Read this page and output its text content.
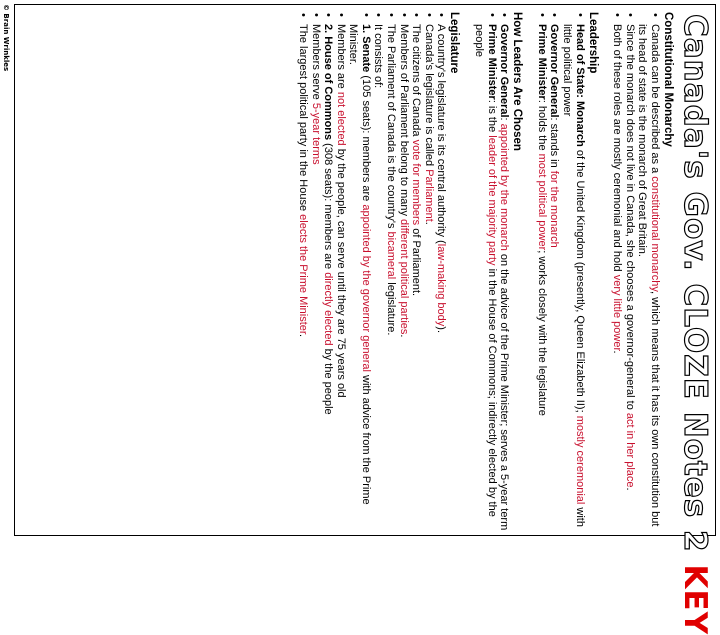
© Brain Wrinkles	Canada's Gov. CLOZE Notes 2 KEY
Constitutional Monarchy
•
Canada can be described as a constitutional monarchy, which means that it has its own constitution but its head of state is the monarch of Great Britain.
•
Since the monarch does not live in Canada, she chooses a governor-general to act in her place.
•
Both of these roles are mostly ceremonial and hold very little power.
Leadership
•
Head of State: Monarch of the United Kingdom (presently, Queen Elizabeth II); mostly ceremonial with little political power
•
Governor General: stands in for the monarch
•
Prime Minister: holds the most political power; works closely with the legislature
How Leaders Are Chosen
•
Governor General: appointed by the monarch on the advice of the Prime Minister; serves a 5-year term
•
Prime Minister: is the leader of the majority party in the House of Commons; indirectly elected by the people
Legislature
•
A country's legislature is its central authority (law-making body).
•
Canada's legislature is called Parliament.
•
The citizens of Canada vote for members of Parliament.
•
Members of Parliament belong to many different political parties.
•
The Parliament of Canada is the country's bicameral legislature.
•
It consists of:
•
1. Senate (105 seats): members are appointed by the governor general with advice from the Prime Minister.
•
Members are not elected by the people, can serve until they are 75 years old
•
2. House of Commons (308 seats): members are directly elected by the people
•
Members serve 5-year terms
•
The largest political party in the House elects the Prime Minister.
